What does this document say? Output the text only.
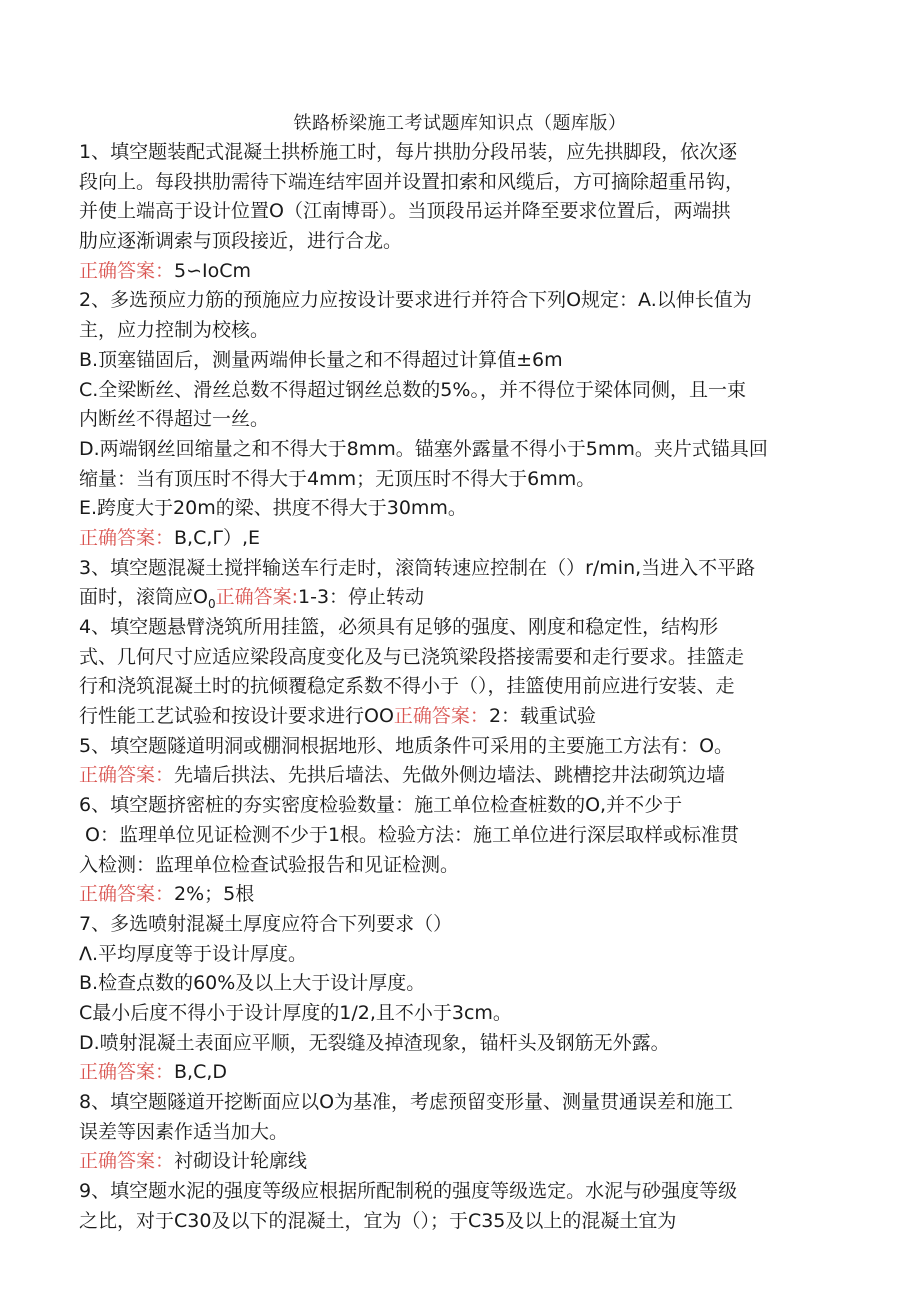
铁路桥梁施工考试题库知识点（题库版）
1、填空题装配式混凝土拱桥施工时，每片拱肋分段吊装，应先拱脚段，依次逐
段向上。每段拱肋需待下端连结牢固并设置扣索和风缆后，方可摘除超重吊钩，
并使上端高于设计位置O（江南博哥）。当顶段吊运并降至要求位置后，两端拱
肋应逐渐调索与顶段接近，进行合龙。
正确答案：5∽IoCm
2、多选预应力筋的预施应力应按设计要求进行并符合下列O规定：A.以伸长值为
主，应力控制为校核。
B.顶塞锚固后，测量两端伸长量之和不得超过计算值±6m
C.全梁断丝、滑丝总数不得超过钢丝总数的5%。，并不得位于梁体同侧，且一束
内断丝不得超过一丝。
D.两端钢丝回缩量之和不得大于8mm。锚塞外露量不得小于5mm。夹片式锚具回
缩量：当有顶压时不得大于4mm；无顶压时不得大于6mm。
E.跨度大于20m的梁、拱度不得大于30mm。
正确答案：B,C,Γ）,E
3、填空题混凝土搅拌输送车行走时，滚筒转速应控制在（）r/min,当进入不平路
面时，滚筒应$O_0$正确答案:1-3：停止转动
4、填空题悬臂浇筑所用挂篮，必须具有足够的强度、刚度和稳定性，结构形
式、几何尺寸应适应梁段高度变化及与已浇筑梁段搭接需要和走行要求。挂篮走
行和浇筑混凝土时的抗倾覆稳定系数不得小于（），挂篮使用前应进行安装、走
行性能工艺试验和按设计要求进行OO正确答案：2：载重试验
5、填空题隧道明洞或棚洞根据地形、地质条件可采用的主要施工方法有：O。
正确答案：先墙后拱法、先拱后墙法、先做外侧边墙法、跳槽挖井法砌筑边墙
6、填空题挤密桩的夯实密度检验数量：施工单位检查桩数的O,并不少于
O：监理单位见证检测不少于1根。检验方法：施工单位进行深层取样或标准贯
入检测：监理单位检查试验报告和见证检测。
正确答案：2%；5根
7、多选喷射混凝土厚度应符合下列要求（）
Λ.平均厚度等于设计厚度。
B.检查点数的60%及以上大于设计厚度。
C最小后度不得小于设计厚度的1/2,且不小于3cm。
D.喷射混凝土表面应平顺，无裂缝及掉渣现象，锚杆头及钢筋无外露。
正确答案：B,C,D
8、填空题隧道开挖断面应以O为基准，考虑预留变形量、测量贯通误差和施工
误差等因素作适当加大。
正确答案：衬砌设计轮廓线
9、填空题水泥的强度等级应根据所配制税的强度等级选定。水泥与砂强度等级
之比，对于C30及以下的混凝土，宜为（）；于C35及以上的混凝土宜为
